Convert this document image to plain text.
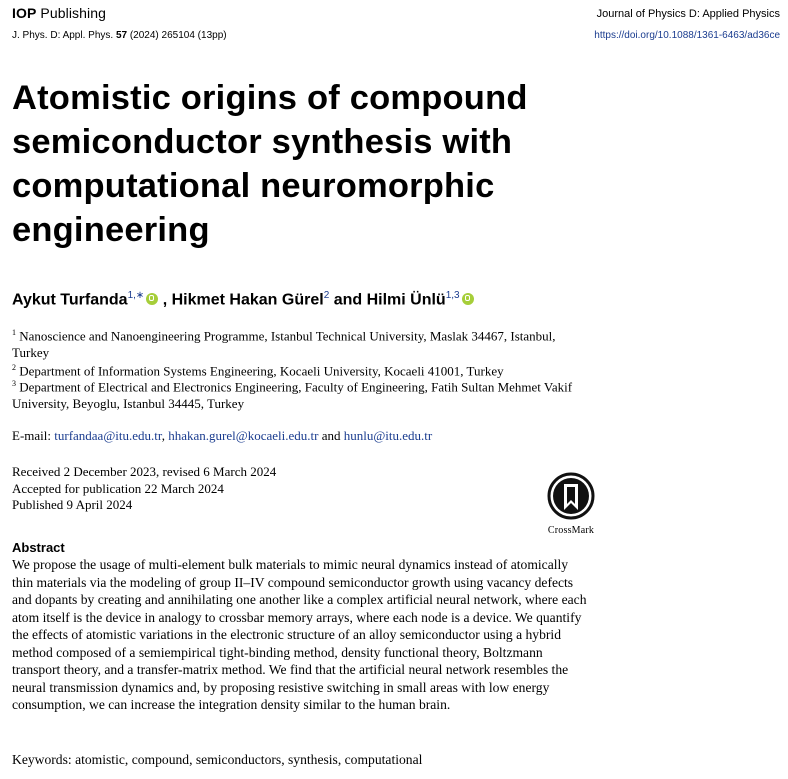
IOP Publishing	Journal of Physics D: Applied Physics
J. Phys. D: Appl. Phys. 57 (2024) 265104 (13pp)	https://doi.org/10.1088/1361-6463/ad36ce
Atomistic origins of compound semiconductor synthesis with computational neuromorphic engineering
Aykut Turfanda$^{1,∗}$ , Hikmet Hakan Gürel$^2$ and Hilmi Ünlü$^{1,3}$
$^1$ Nanoscience and Nanoengineering Programme, Istanbul Technical University, Maslak 34467, Istanbul, Turkey
$^2$ Department of Information Systems Engineering, Kocaeli University, Kocaeli 41001, Turkey
$^3$ Department of Electrical and Electronics Engineering, Faculty of Engineering, Fatih Sultan Mehmet Vakif University, Beyoglu, Istanbul 34445, Turkey
E-mail: turfandaa@itu.edu.tr, hhakan.gurel@kocaeli.edu.tr and hunlu@itu.edu.tr
Received 2 December 2023, revised 6 March 2024
Accepted for publication 22 March 2024
Published 9 April 2024
CrossMark
Abstract
We propose the usage of multi-element bulk materials to mimic neural dynamics instead of atomically thin materials via the modeling of group II–IV compound semiconductor growth using vacancy defects and dopants by creating and annihilating one another like a complex artificial neural network, where each atom itself is the device in analogy to crossbar memory arrays, where each node is a device. We quantify the effects of atomistic variations in the electronic structure of an alloy semiconductor using a hybrid method composed of a semiempirical tight-binding method, density functional theory, Boltzmann transport theory, and a transfer-matrix method. We find that the artificial neural network resembles the neural transmission dynamics and, by proposing resistive switching in small areas with low energy consumption, we can increase the integration density similar to the human brain.
Keywords: atomistic, compound, semiconductors, synthesis, computational
